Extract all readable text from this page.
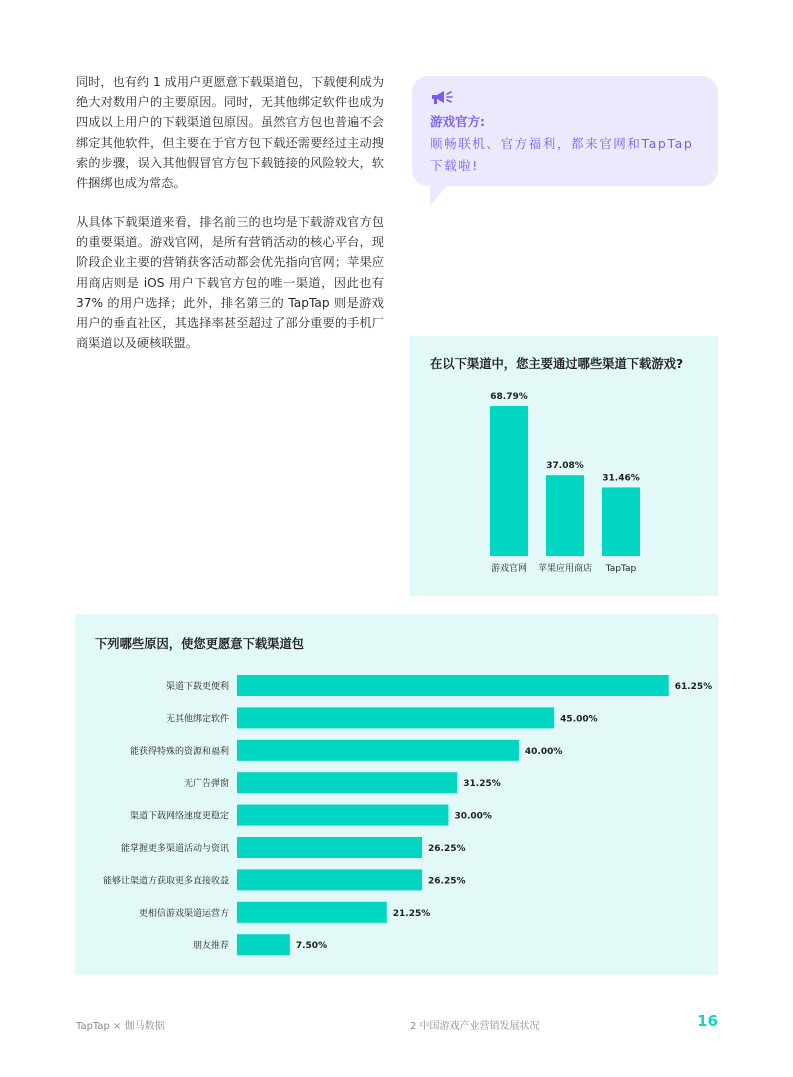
同时，也有约 1 成用户更愿意下载渠道包，下载便利成为绝大对数用户的主要原因。同时，无其他绑定软件也成为四成以上用户的下载渠道包原因。虽然官方包也普遍不会绑定其他软件，但主要在于官方包下载还需要经过主动搜索的步骤，误入其他假冒官方包下载链接的风险较大，软件捆绑也成为常态。

从具体下载渠道来看，排名前三的也均是下载游戏官方包的重要渠道。游戏官网，是所有营销活动的核心平台，现阶段企业主要的营销获客活动都会优先指向官网；苹果应用商店则是 iOS 用户下载官方包的唯一渠道，因此也有 37% 的用户选择；此外，排名第三的 TapTap 则是游戏用户的垂直社区，其选择率甚至超过了部分重要的手机厂商渠道以及硬核联盟。

游戏官方:
顺畅联机、官方福利，都来官网和TapTap下载啦!
在以下渠道中，您主要通过哪些渠道下载游戏?
68.79%
游戏官网
37.08%
苹果应用商店
31.46%
TapTap
下列哪些原因，使您更愿意下载渠道包
渠道下载更便利	61.25%
无其他绑定软件	45.00%
能获得特殊的资源和福利	40.00%
无广告弹窗	31.25%
渠道下载网络速度更稳定	30.00%
能掌握更多渠道活动与资讯	26.25%
能够让渠道方获取更多直接收益	26.25%
更相信游戏渠道运营方	21.25%
朋友推荐	7.50%
TapTap × 伽马数据	2 中国游戏产业营销发展状况	16
